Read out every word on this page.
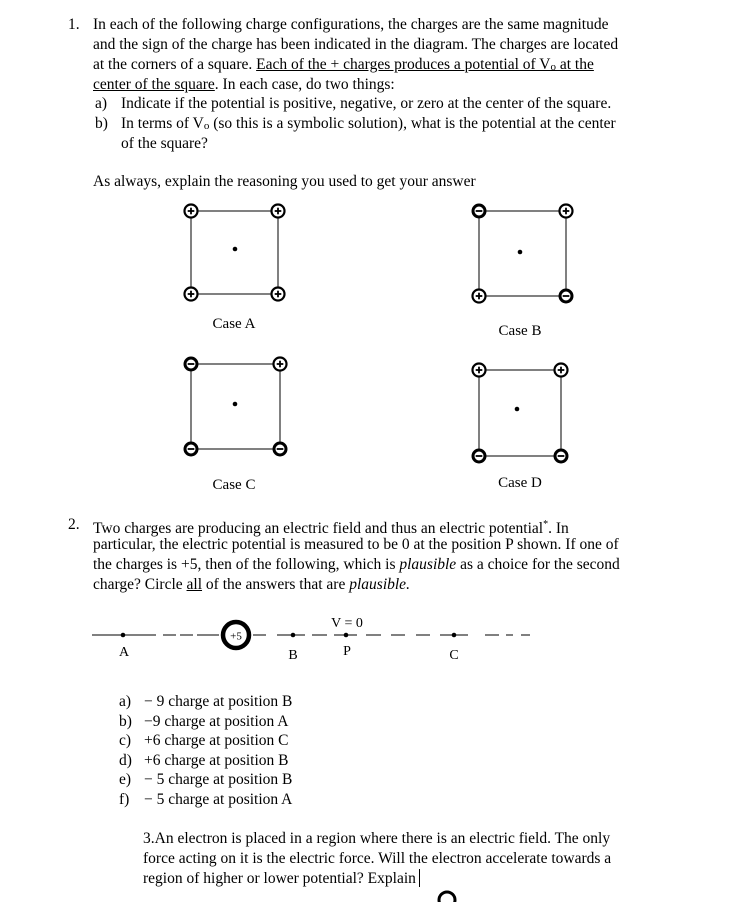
1. In each of the following charge configurations, the charges are the same magnitude
and the sign of the charge has been indicated in the diagram. The charges are located
at the corners of a square. Each of the + charges produces a potential of Vo at the
center of the square. In each case, do two things:
a) Indicate if the potential is positive, negative, or zero at the center of the square.
b) In terms of Vo (so this is a symbolic solution), what is the potential at the center
of the square?
As always, explain the reasoning you used to get your answer
Case A	Case B
Case C	Case D
2. Two charges are producing an electric field and thus an electric potential*. In
particular, the electric potential is measured to be 0 at the position P shown. If one of
the charges is +5, then of the following, which is plausible as a choice for the second
charge? Circle all of the answers that are plausible.
+5
V = 0
A	B	P	C
a) − 9 charge at position B
b) −9 charge at position A
c) +6 charge at position C
d) +6 charge at position B
e) − 5 charge at position B
f) − 5 charge at position A
3.An electron is placed in a region where there is an electric field. The only
force acting on it is the electric force. Will the electron accelerate towards a
region of higher or lower potential? Explain
